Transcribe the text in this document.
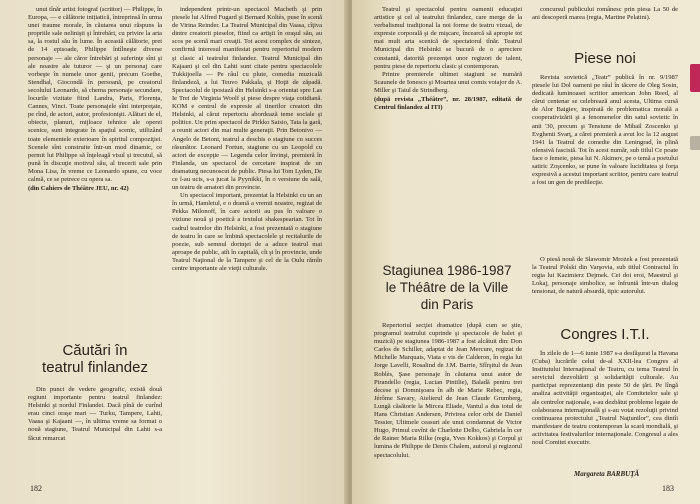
unui tînăr artist fotograf (scriitor) — Philippe, în Europa, — e călătorie inițiatică, întreprinsă în urma unei traume morale, în căutarea unui răspuns la propriile sale nelinişti şi întrebări, cu privire la arta sa, la rostul său în lume. În această călătorie, pret de 14 episoade, Philippe întîlneşte diverse personaje — ale căror întrebări şi suferinţe sînt şi ale noastre ale tuturor — şi un personaj care vorbeşte în numele unor genii, precum Goethe, Stendhal, Giocondă în persoană, pe creatorul secolului Leonardo, să chema personaje secundare, locurile vizitate fiind Landra, Paris, Florența, Cannes, Vinci. Toate personajele sînt interpreţate, pe rînd, de actori, autor, profesionişti. Alături de el, obiecte, planuri, mijloace tehnice ale operei scenice, sunt integrate în spaţiul scenic, utilizând toate elementele exterioare în spiritul compoziţiei. Scenele sînt construite într-un mod dinamic, ce permit lui Philippe să înţeleagă visul și trecutul, să pună în discuţie motivul său, al trecerii sale prin Mona Lisa, în vreme ce Leonardo spune, cu voce calmă, ce se petrece cu opera sa.

(din Cahiers de Théâtre JEU, nr. 42)
Căutări în
teatrul finlandez

Din punct de vedere geografic, există două regiuni importante pentru teatrul finlandez: Helsinki şi nordul Finlandei. Dacă pînă de curînd erau cinci oraşe mari — Turku, Tampere, Lahti, Vaasa şi Kajaani —, în ultima vreme sa format o nouă stagiune, Teatrul Municipal din Lahti s-a făcut remarcat

independent printr-un spectacol Macbeth şi prin piesele lui Alfred Fugard şi Bernard Koltès, puse în scenă de Virina Reinder. La Teatrul Municipal din Vaasa, cîţiva dintre creatorii pieselor, fiind ca artişti în oraşul său, au scos pe scenă mari creaţii. Tot acest complex de sinteze, confirmă interesul manifestat pentru repertoriul modern şi clasic al teatrului finlandez. Teatrul Municipal din Kajaani şi cel din Lahti sunt citate pentru spectacolele Tukkijoella — Pe râul cu plute, comedia muzicală finlandeză, a lui Teuvo Pakkala, şi Hoţii de zăpadă. Spectacolul de ipostază din Helsinki s-a orientat spre Las Ie Trei de Virginia Woolf şi piese despre viaţa cotidiană. KOM e centrul de expresie al tinerilor creatori din Helsinki, al cărui repertoriu abordează teme sociale şi politice. Un prim spectacol de Pirkko Saisio, Tata la gară, a reunit actori din mai multe generaţii. Prin Betonivo — Angelo de Betoni, teatrul a deschis o stagiune cu succes răsunător. Leonard Fortun, stagiune cu un Leopold cu actori de excepţie — Legenda celor învinşi, premieră în Finlanda, un spectacol de cercetare inspirat de un dramaturg necunoscut de public. Piesa lui Tom Lyden, De ce l-au ucis, s-a jucat la Pyynikki, în o versiune de sală, un teatru de amatori din provincie.

Un spectacol important, prezentat la Helsinki cu un an în urmă, Hamletul, e o dramă a vremii noastre, regizat de Pekka Milonoff, în care actorii au pus în valoare o viziune nouă şi poetică a textului shakespearian. Tot în cadrul teatrelor din Helsinki, a fost prezentată o stagiune de teatru în care se îmbină spectacolele şi recitalurile de poezie, sub semnul dorinţei de a aduce teatrul mai aproape de public, atît în capitală, cît şi în provincie, unde Teatrul Naţional de la Tampere şi cel de la Oulu rămîn centre importante ale vieţii culturale.

182

Teatrul şi spectacolul pentru oamenii educaţiei artistice şi cel al teatrului finlandez, care merge de la verbalismul tradiţional la noi forme de teatru vizual, de expresie corporală şi de mişcare, încearcă să apropie tot mai mult arta scenică de spectatorul tînăr. Teatrul Municipal din Helsinki se bucură de o apreciere constantă, datorită prezenţei unor regizori de talent, pentru piese de repertoriu clasic şi contemporan.

Printre premierele ultimei stagiuni se numără Scaunele de Ionesco şi Moartea unui comis voiajor de A. Miller şi Taiul de Strindberg.

(după revista „Théâtre”, nr. 28/1987, editată de Centrul finlandez al ITI)
Stagiunea 1986-1987
le Théâtre de la Ville
din Paris

Repertoriul secţiei dramatice (după cum se ştie, programul teatrului cuprinde şi spectacole de balet şi muzică) pe stagiunea 1986-1987 a fost alcătuit din: Don Carlos de Schiller, adaptat de Jean Mercure, regizat de Michelle Marquais, Viata e vis de Calderon, în regia lui Jorge Lavelli, Rosalind de J.M. Barrie, Sfîrşitul de Jean Roblès, Şase personaje în căutarea unui autor de Pirandello (regia, Lucian Pintilie), Baladă pentru trei decese şi Domnişoara în alb de Marie Rebec, regia, Jérôme Savary, Atelierul de Jean Claude Grumberg, Lungă căsătorie la Mircea Eliade, Vantul a dus totul de Hans Christian Andersen, Privirea celor orbi de Daniel Tessier, Ultimele ceasuri ale unui condamnat de Victor Hugo, Primul cuvînt de Charlotte Delbo, Gabriela în cer de Rainer Maria Rilke (regia, Yves Kokkos) şi Corpul şi lumina de Philippe de Denis Chalem, autorul şi regizorul spectacolului.

concursul publicului românesc prin piesa La 50 de ani descoperă marea (regia, Martine Pelatini).

Piese noi

Revista sovietică „Teatr” publică în nr. 9/1987 piesele lui Dol oameni pe râul în tăcere de Oleg Sosin, dedicată luminoasei scriitor american John Reed, al cărui centenar se celebrează anul acesta, Ultima cursă de Alor Baigiev, inspirată de problematica morală a cooperativizării şi a fenomenelor din satul sovietic în anii '30, precum şi Tensiune de Mihail Zoscenko şi Evghenii Svarţ, a cărei premieră a avut loc la 12 august 1941 la Teatrul de comedie din Leningrad, în plină ofensivă fascistă. Tot în acest număr, sub titlul Ce poate face o femeie, piesa lui N. Akimov, pe o temă a poetului satiric Zoşcenko, se pune în valoare luciditatea şi forţa expresivă a acestui important scriitor, pentru care teatrul a fost un gen de predilecţie.

O piesă nouă de Sławomir Mrożek a fost prezentată la Teatrul Polski din Varşovia, sub titlul Contractul în regia lui Kazimierz Dejmek. Cei doi eroi, Maestrul şi Lokaj, personaje simbolice, se înfruntă într-un dialog tensionat, de natură absurdă, tipic autorului.

Congres I.T.I.

În zilele de 1—6 iunie 1987 s-a desfăşurat la Havana (Cuba) lucrările celui de-al XXII-lea Congres al Institutului Internaţional de Teatru, cu tema Teatrul în serviciul dezvoltării şi solidarităţii culturale. Au participat reprezentanţi din peste 50 de ţări. Pe lîngă analiza activităţii organizaţiei, ale Comitetelor sale şi ale centrelor naţionale, s-au dezbătut probleme legate de colaborarea internaţională şi s-au votat rezoluţii privind continuarea proiectului „Teatrul Naţiunilor”, cea dintîi manifestare de teatru contemporan la scară mondială, şi activitatea festivalurilor internaţionale. Congresul a ales noul Comitet executiv.

Margareta BARBUŢĂ
183
